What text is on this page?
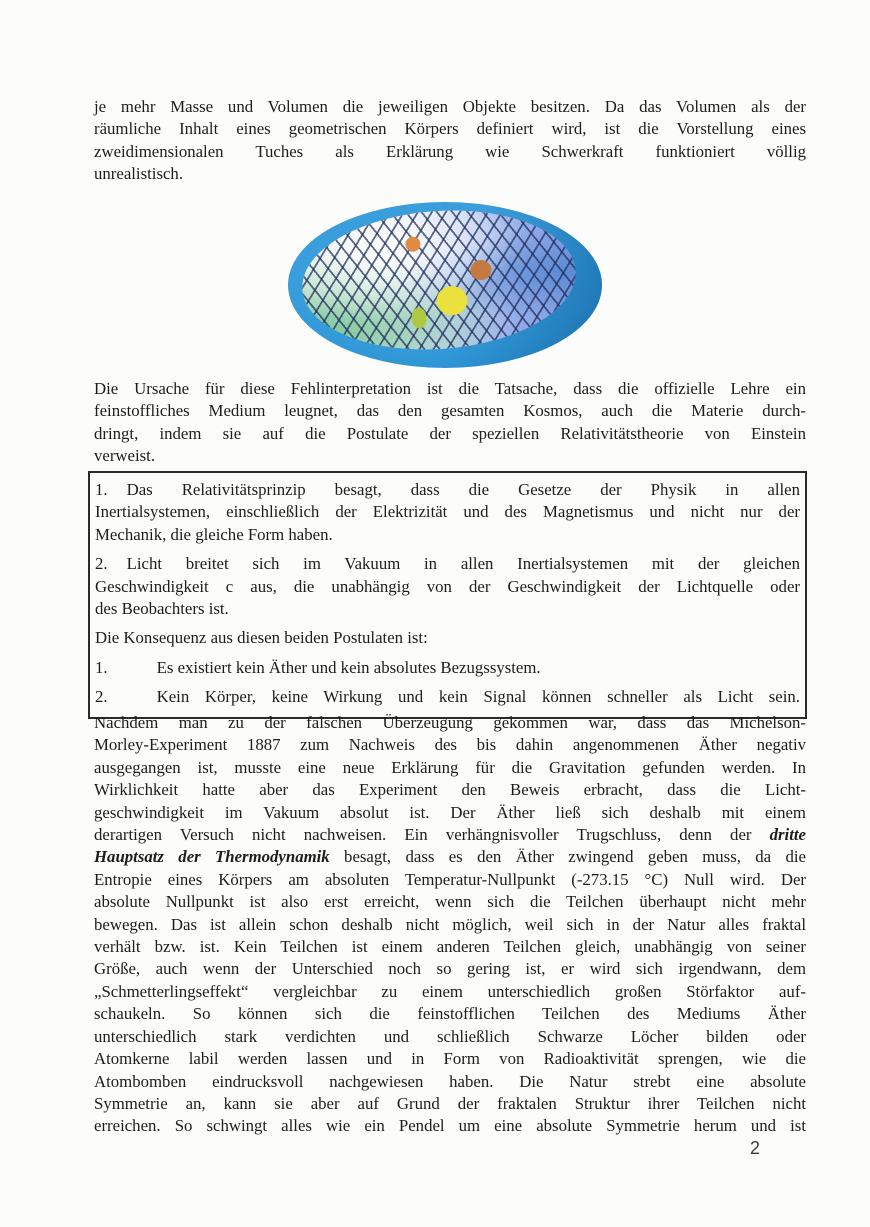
je mehr Masse und Volumen die jeweiligen Objekte besitzen. Da das Volumen als der
räumliche Inhalt eines geometrischen Körpers definiert wird, ist die Vorstellung eines
zweidimensionalen Tuches als Erklärung wie Schwerkraft funktioniert völlig
unrealistisch.
Die Ursache für diese Fehlinterpretation ist die Tatsache, dass die offizielle Lehre ein
feinstoffliches Medium leugnet, das den gesamten Kosmos, auch die Materie durch-
dringt, indem sie auf die Postulate der speziellen Relativitätstheorie von Einstein
verweist.
1. Das Relativitätsprinzip besagt, dass die Gesetze der Physik in allen
Inertialsystemen, einschließlich der Elektrizität und des Magnetismus und nicht nur der
Mechanik, die gleiche Form haben.
2. Licht breitet sich im Vakuum in allen Inertialsystemen mit der gleichen
Geschwindigkeit c aus, die unabhängig von der Geschwindigkeit der Lichtquelle oder
des Beobachters ist.
Die Konsequenz aus diesen beiden Postulaten ist:
1.	Es existiert kein Äther und kein absolutes Bezugssystem.
2.	Kein Körper, keine Wirkung und kein Signal können schneller als Licht sein.
Nachdem man zu der falschen Überzeugung gekommen war, dass das Michelson-
Morley-Experiment 1887 zum Nachweis des bis dahin angenommenen Äther negativ
ausgegangen ist, musste eine neue Erklärung für die Gravitation gefunden werden. In
Wirklichkeit hatte aber das Experiment den Beweis erbracht, dass die Licht-
geschwindigkeit im Vakuum absolut ist. Der Äther ließ sich deshalb mit einem
derartigen Versuch nicht nachweisen. Ein verhängnisvoller Trugschluss, denn der dritte
Hauptsatz der Thermodynamik besagt, dass es den Äther zwingend geben muss, da die
Entropie eines Körpers am absoluten Temperatur-Nullpunkt (-273.15 °C) Null wird. Der
absolute Nullpunkt ist also erst erreicht, wenn sich die Teilchen überhaupt nicht mehr
bewegen. Das ist allein schon deshalb nicht möglich, weil sich in der Natur alles fraktal
verhält bzw. ist. Kein Teilchen ist einem anderen Teilchen gleich, unabhängig von seiner
Größe, auch wenn der Unterschied noch so gering ist, er wird sich irgendwann, dem
„Schmetterlingseffekt“ vergleichbar zu einem unterschiedlich großen Störfaktor auf-
schaukeln. So können sich die feinstofflichen Teilchen des Mediums Äther
unterschiedlich stark verdichten und schließlich Schwarze Löcher bilden oder
Atomkerne labil werden lassen und in Form von Radioaktivität sprengen, wie die
Atombomben eindrucksvoll nachgewiesen haben. Die Natur strebt eine absolute
Symmetrie an, kann sie aber auf Grund der fraktalen Struktur ihrer Teilchen nicht
erreichen. So schwingt alles wie ein Pendel um eine absolute Symmetrie herum und ist
2
